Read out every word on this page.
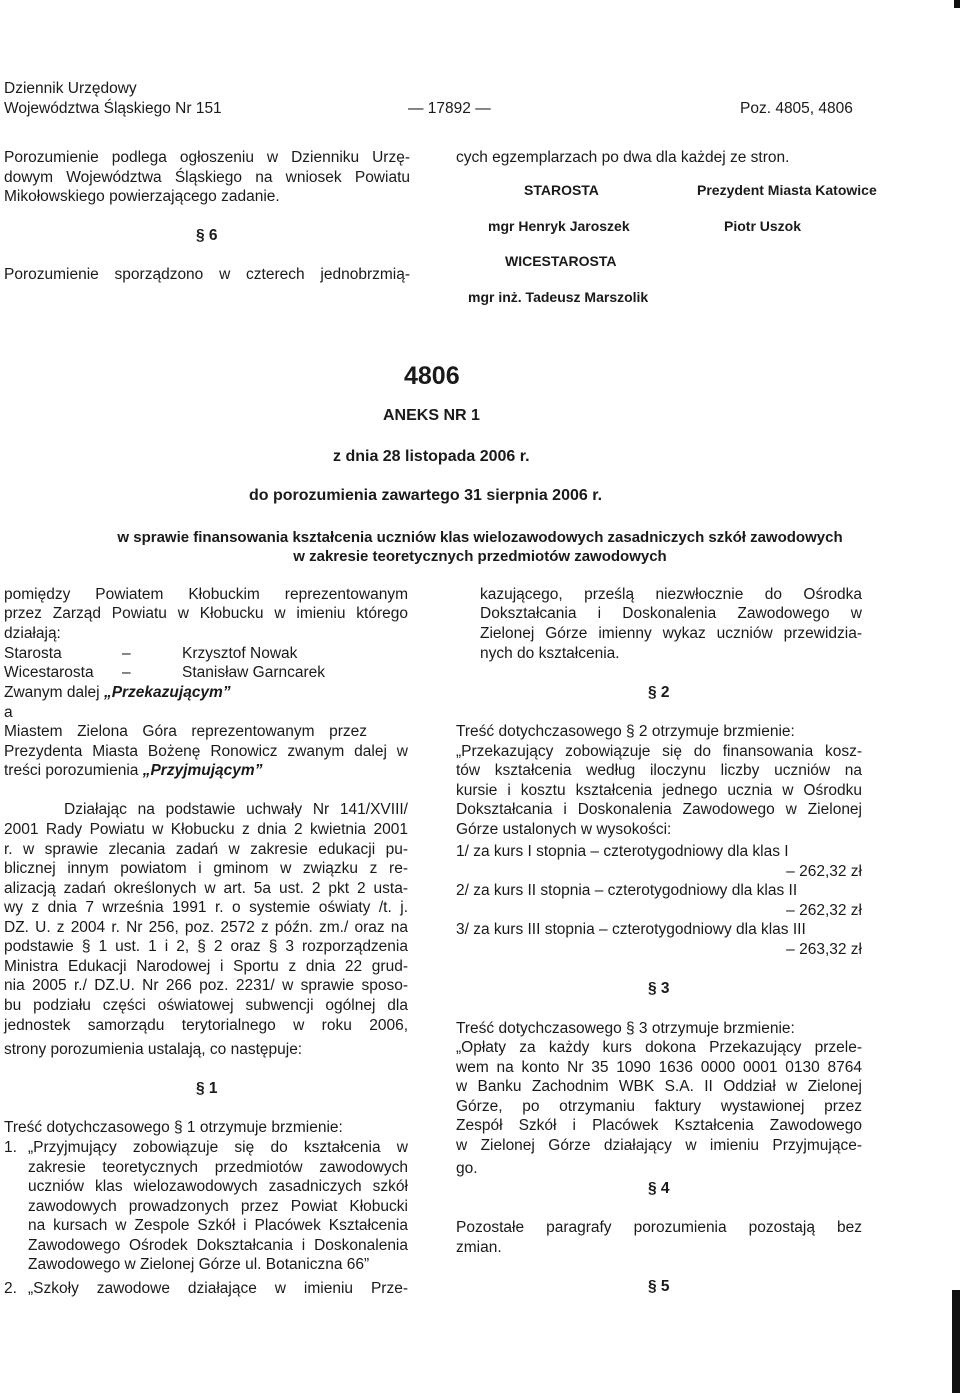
Dziennik Urzędowy
Województwa Śląskiego Nr 151	— 17892 —	Poz. 4805, 4806
Porozumienie podlega ogłoszeniu w Dzienniku Urzę-
dowym Województwa Śląskiego na wniosek Powiatu
Mikołowskiego powierzającego zadanie.
§ 6
Porozumienie sporządzono w czterech jednobrzmią-
cych egzemplarzach po dwa dla każdej ze stron.
STAROSTA
mgr Henryk Jaroszek
WICESTAROSTA
mgr inż. Tadeusz Marszolik
Prezydent Miasta Katowice
Piotr Uszok
4806
ANEKS NR 1
z dnia 28 listopada 2006 r.
do porozumienia zawartego 31 sierpnia 2006 r.
w sprawie finansowania kształcenia uczniów klas wielozawodowych zasadniczych szkół zawodowych
w zakresie teoretycznych przedmiotów zawodowych
pomiędzy Powiatem Kłobuckim reprezentowanym
przez Zarząd Powiatu w Kłobucku w imieniu którego
działają:
Starosta	–	Krzysztof Nowak
Wicestarosta –	Stanisław Garncarek
Zwanym dalej „Przekazującym”
a
Miastem Zielona Góra reprezentowanym przez
Prezydenta Miasta Bożenę Ronowicz zwanym dalej w
treści porozumienia „Przyjmującym”
Działając na podstawie uchwały Nr 141/XVIII/
2001 Rady Powiatu w Kłobucku z dnia 2 kwietnia 2001
r. w sprawie zlecania zadań w zakresie edukacji pu-
blicznej innym powiatom i gminom w związku z re-
alizacją zadań określonych w art. 5a ust. 2 pkt 2 usta-
wy z dnia 7 września 1991 r. o systemie oświaty /t. j.
DZ. U. z 2004 r. Nr 256, poz. 2572 z późn. zm./ oraz na
podstawie § 1 ust. 1 i 2, § 2 oraz § 3 rozporządzenia
Ministra Edukacji Narodowej i Sportu z dnia 22 grud-
nia 2005 r./ DZ.U. Nr 266 poz. 2231/ w sprawie sposo-
bu podziału części oświatowej subwencji ogólnej dla
jednostek samorządu terytorialnego w roku 2006,
strony porozumienia ustalają, co następuje:
§ 1
Treść dotychczasowego § 1 otrzymuje brzmienie:
1. „Przyjmujący zobowiązuje się do kształcenia w
zakresie teoretycznych przedmiotów zawodowych
uczniów klas wielozawodowych zasadniczych szkół
zawodowych prowadzonych przez Powiat Kłobucki
na kursach w Zespole Szkół i Placówek Kształcenia
Zawodowego Ośrodek Dokształcania i Doskonalenia
Zawodowego w Zielonej Górze ul. Botaniczna 66”
2. „Szkoły zawodowe działające w imieniu Prze-
kazującego, prześlą niezwłocznie do Ośrodka
Dokształcania i Doskonalenia Zawodowego w
Zielonej Górze imienny wykaz uczniów przewidzia-
nych do kształcenia.
§ 2
Treść dotychczasowego § 2 otrzymuje brzmienie:
„Przekazujący zobowiązuje się do finansowania kosz-
tów kształcenia według iloczynu liczby uczniów na
kursie i kosztu kształcenia jednego ucznia w Ośrodku
Dokształcania i Doskonalenia Zawodowego w Zielonej
Górze ustalonych w wysokości:
1/ za kurs I stopnia – czterotygodniowy dla klas I
– 262,32 zł
2/ za kurs II stopnia – czterotygodniowy dla klas II
– 262,32 zł
3/ za kurs III stopnia – czterotygodniowy dla klas III
– 263,32 zł
§ 3
Treść dotychczasowego § 3 otrzymuje brzmienie:
„Opłaty za każdy kurs dokona Przekazujący przele-
wem na konto Nr 35 1090 1636 0000 0001 0130 8764
w Banku Zachodnim WBK S.A. II Oddział w Zielonej
Górze, po otrzymaniu faktury wystawionej przez
Zespół Szkół i Placówek Kształcenia Zawodowego
w Zielonej Górze działający w imieniu Przyjmujące-
go.
§ 4
Pozostałe paragrafy porozumienia pozostają bez
zmian.
§ 5
